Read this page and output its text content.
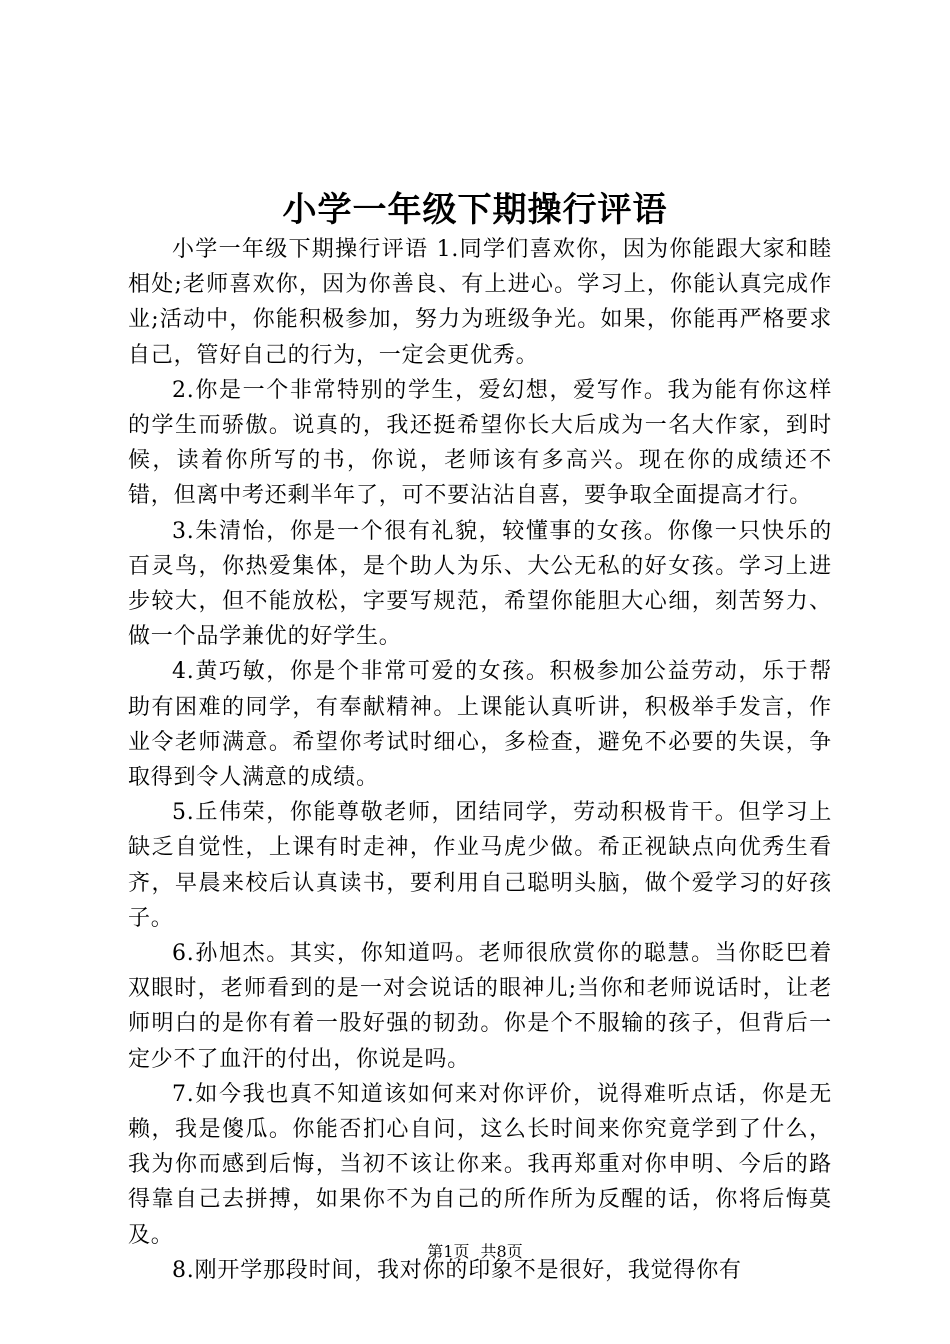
小学一年级下期操行评语

小学一年级下期操行评语 1.同学们喜欢你，因为你能跟大家和睦相处;老师喜欢你，因为你善良、有上进心。学习上，你能认真完成作业;活动中，你能积极参加，努力为班级争光。如果，你能再严格要求自己，管好自己的行为，一定会更优秀。

2.你是一个非常特别的学生，爱幻想，爱写作。我为能有你这样的学生而骄傲。说真的，我还挺希望你长大后成为一名大作家，到时候，读着你所写的书，你说，老师该有多高兴。现在你的成绩还不错，但离中考还剩半年了，可不要沾沾自喜，要争取全面提高才行。

3.朱清怡，你是一个很有礼貌，较懂事的女孩。你像一只快乐的百灵鸟，你热爱集体，是个助人为乐、大公无私的好女孩。学习上进步较大，但不能放松，字要写规范，希望你能胆大心细，刻苦努力、做一个品学兼优的好学生。

4.黄巧敏，你是个非常可爱的女孩。积极参加公益劳动，乐于帮助有困难的同学，有奉献精神。上课能认真听讲，积极举手发言，作业令老师满意。希望你考试时细心，多检查，避免不必要的失误，争取得到令人满意的成绩。

5.丘伟荣，你能尊敬老师，团结同学，劳动积极肯干。但学习上缺乏自觉性，上课有时走神，作业马虎少做。希正视缺点向优秀生看齐，早晨来校后认真读书，要利用自己聪明头脑，做个爱学习的好孩子。

6.孙旭杰。其实，你知道吗。老师很欣赏你的聪慧。当你眨巴着双眼时，老师看到的是一对会说话的眼神儿;当你和老师说话时，让老师明白的是你有着一股好强的韧劲。你是个不服输的孩子，但背后一定少不了血汗的付出，你说是吗。

7.如今我也真不知道该如何来对你评价，说得难听点话，你是无赖，我是傻瓜。你能否扪心自问，这么长时间来你究竟学到了什么，我为你而感到后悔，当初不该让你来。我再郑重对你申明、今后的路得靠自己去拼搏，如果你不为自己的所作所为反醒的话，你将后悔莫及。

8.刚开学那段时间，我对你的印象不是很好，我觉得你有

第1页 共8页
